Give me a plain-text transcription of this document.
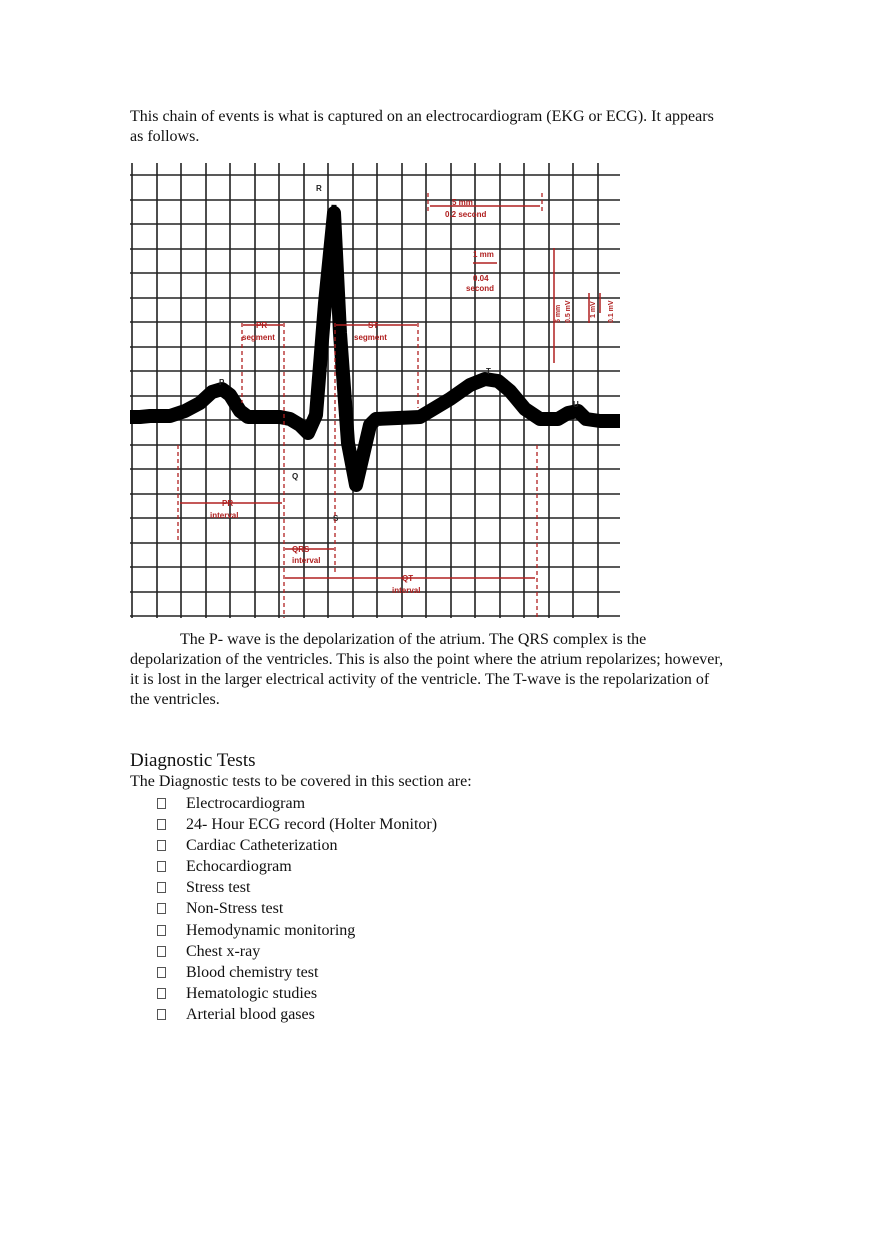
This chain of events is what is captured on an electrocardiogram (EKG or ECG). It appears as follows.

R
P
Q
S
T
U
5 mm
0.2 second
1 mm
0.04
second
5 mm 0.5 mV	1 mV 0.1 mV
PR
segment
ST
segment
PR
interval
QRS
interval
QT
interval

The P- wave is the depolarization of the atrium. The QRS complex is the depolarization of the ventricles. This is also the point where the atrium repolarizes; however, it is lost in the larger electrical activity of the ventricle. The T-wave is the repolarization of the ventricles.

Diagnostic Tests

The Diagnostic tests to be covered in this section are:

Electrocardiogram
24- Hour ECG record (Holter Monitor)
Cardiac Catheterization
Echocardiogram
Stress test
Non-Stress test
Hemodynamic monitoring
Chest x-ray
Blood chemistry test
Hematologic studies
Arterial blood gases
